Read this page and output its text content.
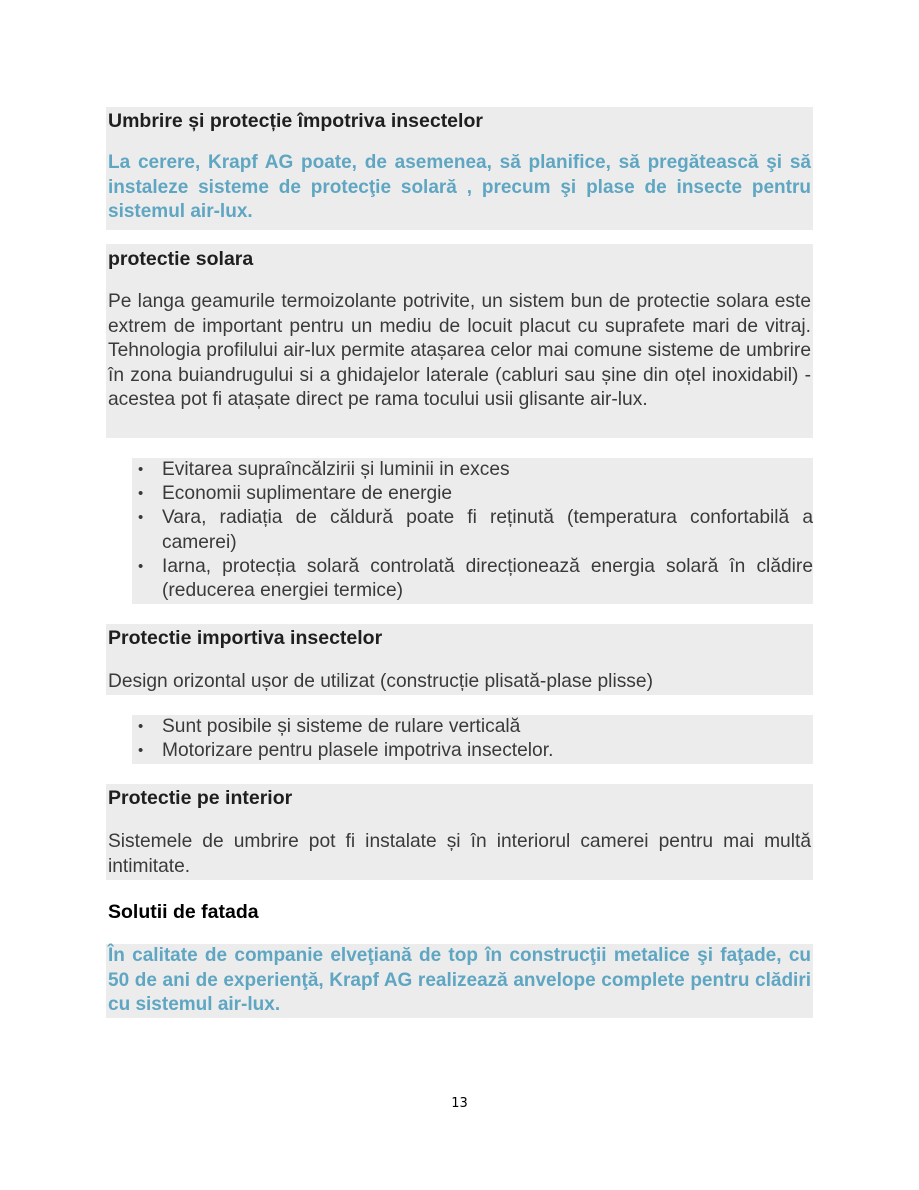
Umbrire și protecție împotriva insectelor
La cerere, Krapf AG poate, de asemenea, să planifice, să pregătească şi să instaleze sisteme de protecţie solară , precum şi plase de insecte pentru sistemul air-lux.
protectie solara
Pe langa geamurile termoizolante potrivite, un sistem bun de protectie solara este extrem de important pentru un mediu de locuit placut cu suprafete mari de vitraj. Tehnologia profilului air-lux permite atașarea celor mai comune sisteme de umbrire în zona buiandrugului si a ghidajelor laterale (cabluri sau șine din oțel inoxidabil) - acestea pot fi atașate direct pe rama tocului usii glisante air-lux.
• Evitarea supraîncălzirii și luminii in exces
• Economii suplimentare de energie
• Vara, radiația de căldură poate fi reținută (temperatura confortabilă a camerei)
• Iarna, protecția solară controlată direcționează energia solară în clădire (reducerea energiei termice)
Protectie importiva insectelor
Design orizontal ușor de utilizat (construcție plisată-plase plisse)
• Sunt posibile și sisteme de rulare verticală
• Motorizare pentru plasele impotriva insectelor.
Protectie pe interior
Sistemele de umbrire pot fi instalate și în interiorul camerei pentru mai multă intimitate.
Solutii de fatada
În calitate de companie elveţiană de top în construcţii metalice şi faţade, cu 50 de ani de experienţă, Krapf AG realizează anvelope complete pentru clădiri cu sistemul air-lux.
13
